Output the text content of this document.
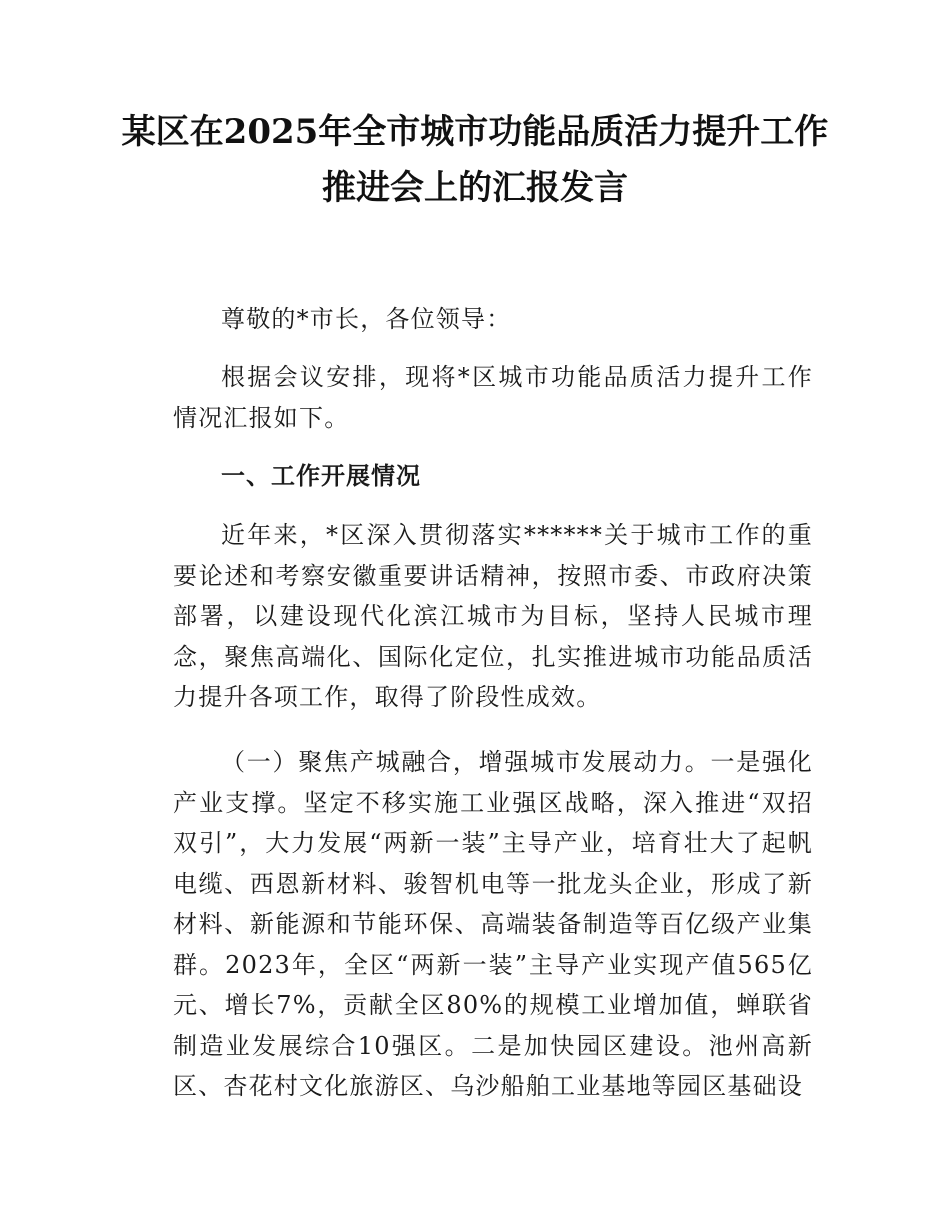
某区在2025年全市城市功能品质活力提升工作推进会上的汇报发言

尊敬的*市长，各位领导：

根据会议安排，现将*区城市功能品质活力提升工作情况汇报如下。

一、工作开展情况

近年来，*区深入贯彻落实******关于城市工作的重要论述和考察安徽重要讲话精神，按照市委、市政府决策部署，以建设现代化滨江城市为目标，坚持人民城市理念，聚焦高端化、国际化定位，扎实推进城市功能品质活力提升各项工作，取得了阶段性成效。

（一）聚焦产城融合，增强城市发展动力。一是强化产业支撑。坚定不移实施工业强区战略，深入推进“双招双引”，大力发展“两新一装”主导产业，培育壮大了起帆电缆、西恩新材料、骏智机电等一批龙头企业，形成了新材料、新能源和节能环保、高端装备制造等百亿级产业集群。2023年，全区“两新一装”主导产业实现产值565亿元、增长7%，贡献全区80%的规模工业增加值，蝉联省制造业发展综合10强区。二是加快园区建设。池州高新区、杏花村文化旅游区、乌沙船舶工业基地等园区基础设
